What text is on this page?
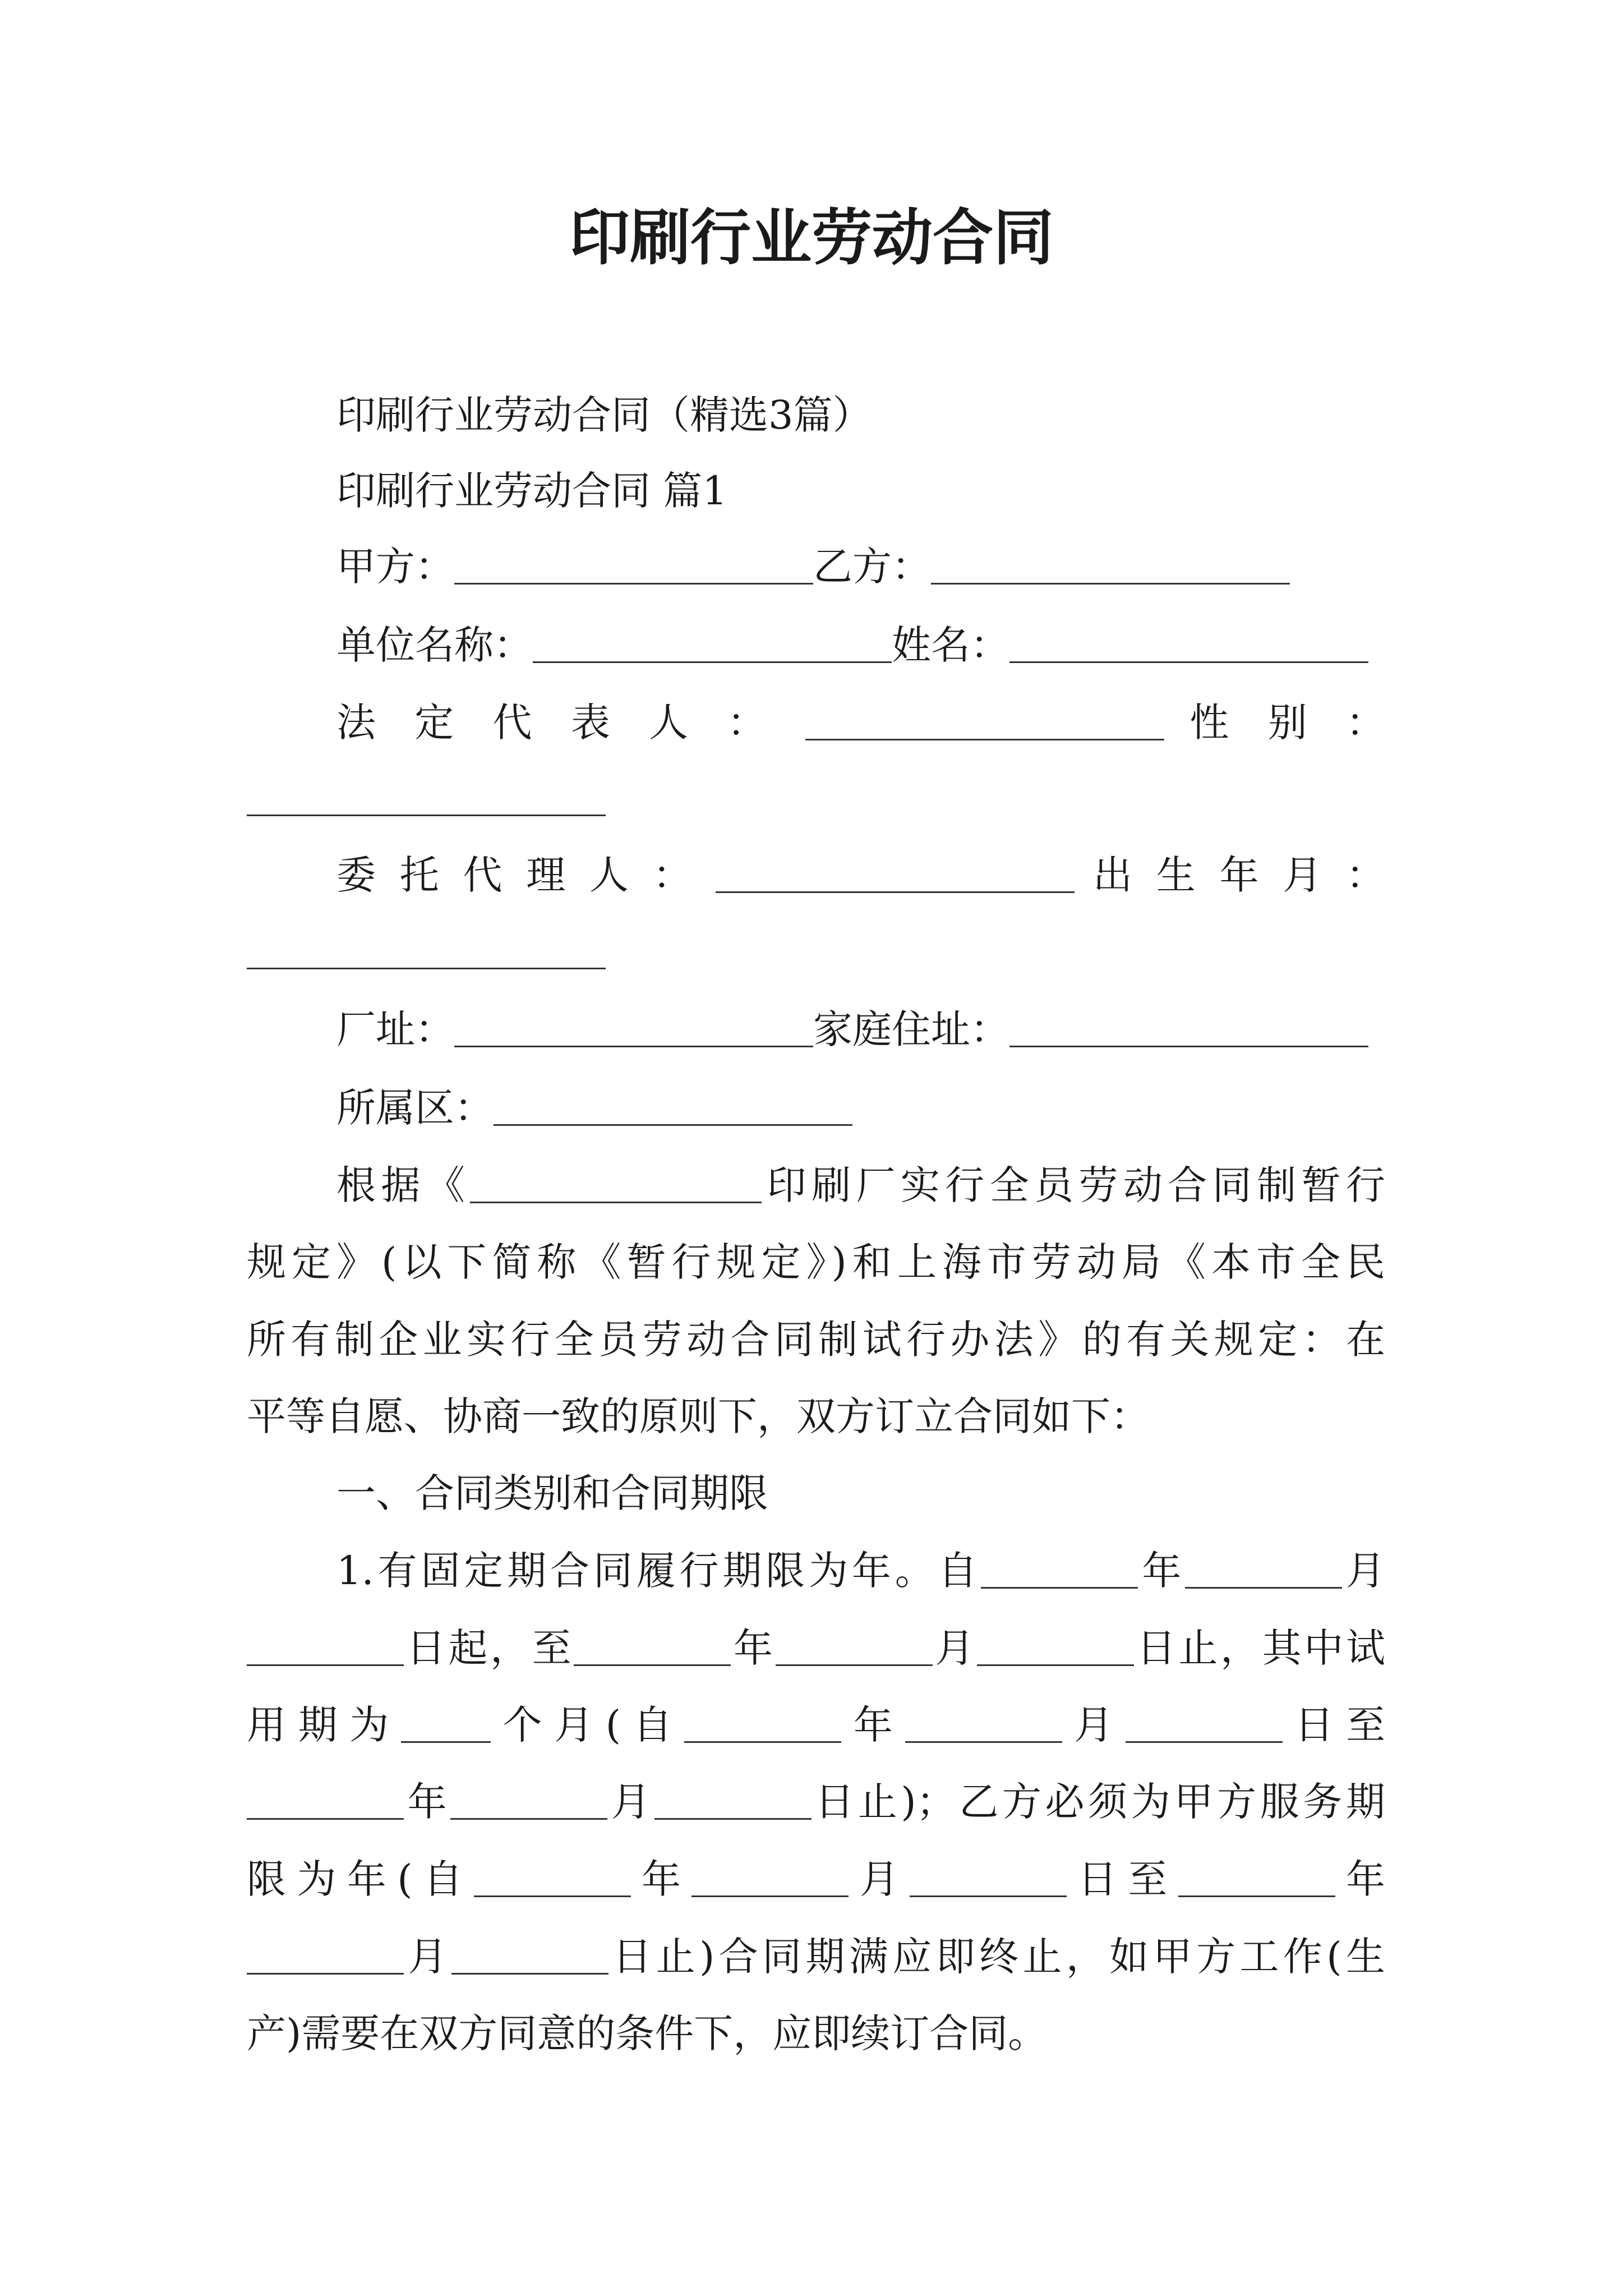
印刷行业劳动合同
印刷行业劳动合同（精选3篇）
印刷行业劳动合同 篇1
甲方：	乙方：
单位名称：	姓名：
法 定 代 表 人 ：	性 别 ：
委 托 代 理 人 ：	出 生 年 月 ：
厂址：	家庭住址：
所属区：
根据《	印刷厂实行全员劳动合同制暂行
规定》(以下简称《暂行规定》)和上海市劳动局《本市全民
所有制企业实行全员劳动合同制试行办法》的有关规定：在
平等自愿、协商一致的原则下，双方订立合同如下：
一、合同类别和合同期限
1.有固定期合同履行期限为年。自	年	月
日起，至	年	月	日止，其中试
用期为 个月(自	年	月	日至
年	月	日止)；乙方必须为甲方服务期
限为年(自	年	月	日至	年
月	日止)合同期满应即终止，如甲方工作(生
产)需要在双方同意的条件下，应即续订合同。
